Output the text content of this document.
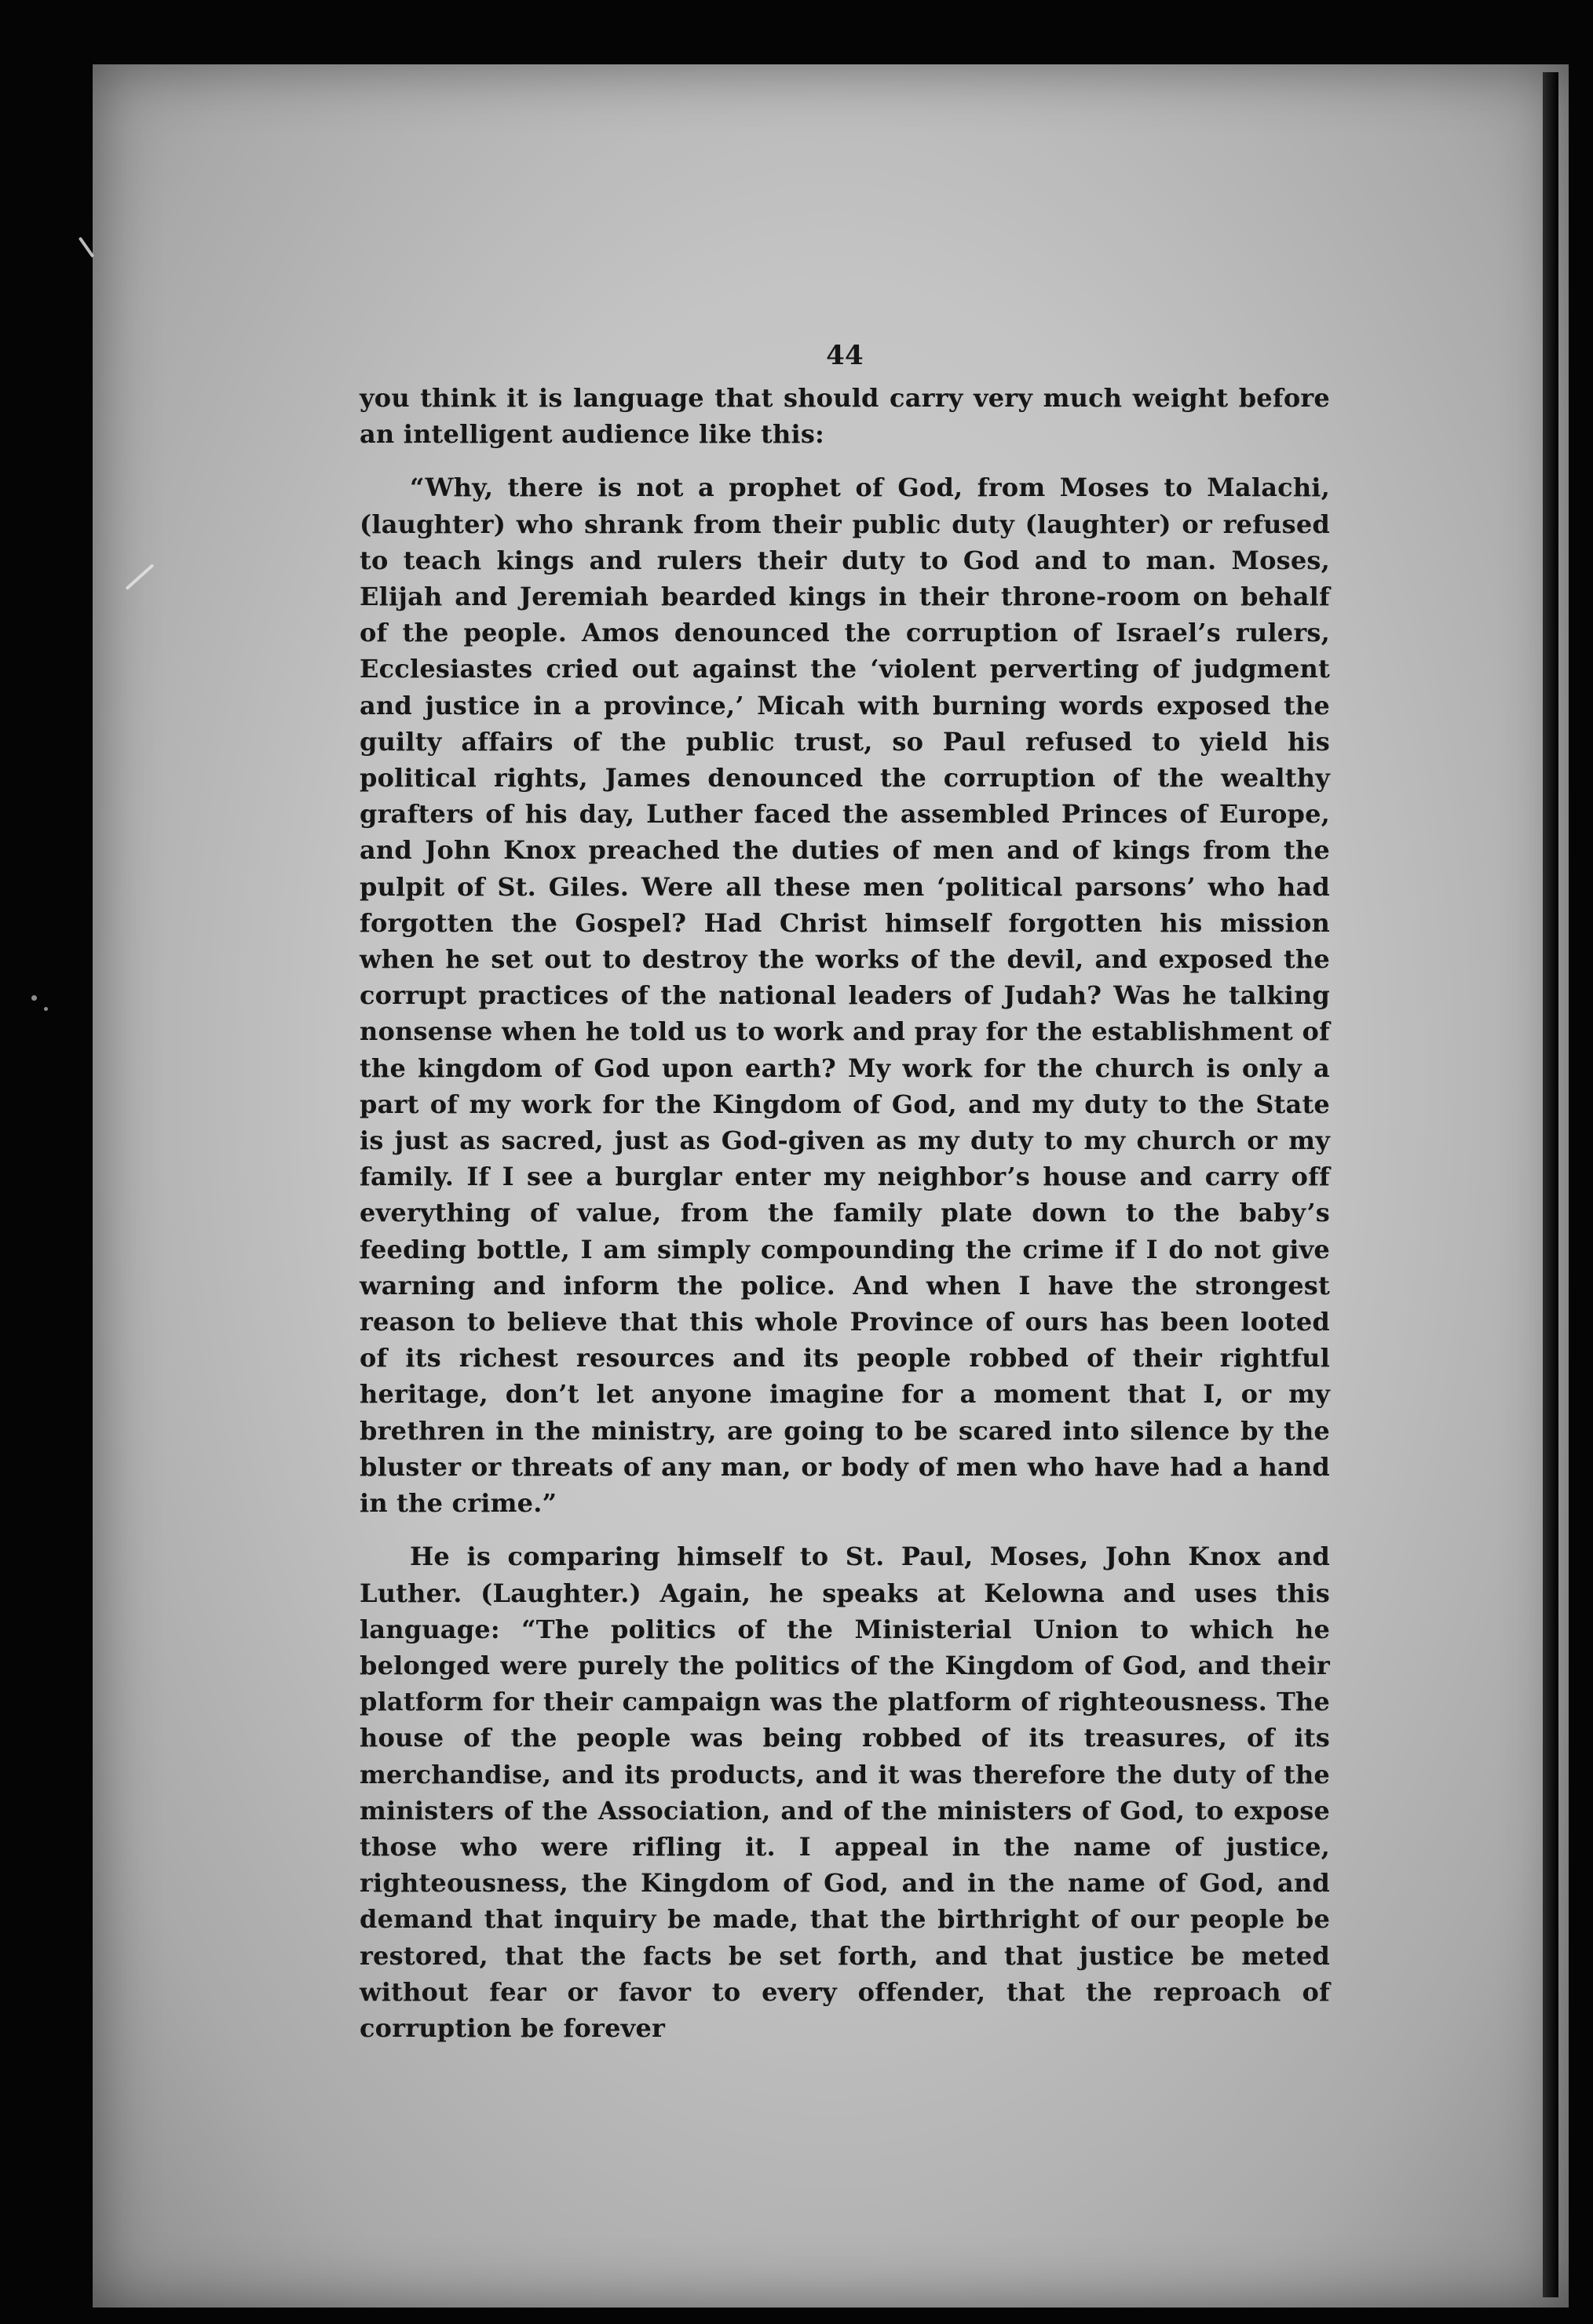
44

you think it is language that should carry very much weight before an intelligent audience like this:

“Why, there is not a prophet of God, from Moses to Malachi, (laughter) who shrank from their public duty (laughter) or refused to teach kings and rulers their duty to God and to man. Moses, Elijah and Jeremiah bearded kings in their throne-room on behalf of the people. Amos denounced the corruption of Israel’s rulers, Ecclesiastes cried out against the ‘violent perverting of judgment and justice in a province,’ Micah with burning words exposed the guilty affairs of the public trust, so Paul refused to yield his political rights, James denounced the corruption of the wealthy grafters of his day, Luther faced the assembled Princes of Europe, and John Knox preached the duties of men and of kings from the pulpit of St. Giles. Were all these men ‘political parsons’ who had forgotten the Gospel? Had Christ himself forgotten his mission when he set out to destroy the works of the devil, and exposed the corrupt practices of the national leaders of Judah? Was he talking nonsense when he told us to work and pray for the establishment of the kingdom of God upon earth? My work for the church is only a part of my work for the Kingdom of God, and my duty to the State is just as sacred, just as God-given as my duty to my church or my family. If I see a burglar enter my neighbor’s house and carry off everything of value, from the family plate down to the baby’s feeding bottle, I am simply compounding the crime if I do not give warning and inform the police. And when I have the strongest reason to believe that this whole Province of ours has been looted of its richest resources and its people robbed of their rightful heritage, don’t let anyone imagine for a moment that I, or my brethren in the ministry, are going to be scared into silence by the bluster or threats of any man, or body of men who have had a hand in the crime.”

He is comparing himself to St. Paul, Moses, John Knox and Luther. (Laughter.) Again, he speaks at Kelowna and uses this language: “The politics of the Ministerial Union to which he belonged were purely the politics of the Kingdom of God, and their platform for their campaign was the platform of righteousness. The house of the people was being robbed of its treasures, of its merchandise, and its products, and it was therefore the duty of the ministers of the Association, and of the ministers of God, to expose those who were rifling it. I appeal in the name of justice, righteousness, the Kingdom of God, and in the name of God, and demand that inquiry be made, that the birthright of our people be restored, that the facts be set forth, and that justice be meted without fear or favor to every offender, that the reproach of corruption be forever
